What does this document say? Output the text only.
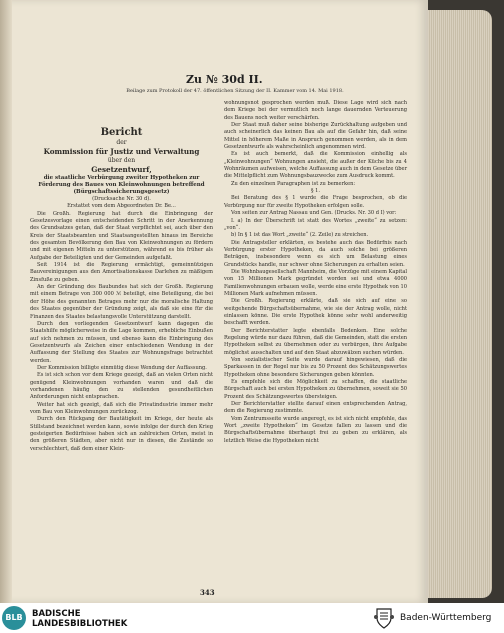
Zu № 30d II.
Beilage zum Protokoll der 47. öffentlichen Sitzung der II. Kammer vom 14. Mai 1918.

Bericht

der

Kommission für Justiz und Verwaltung

über den

Gesetzentwurf,

die staatliche Verbürgung zweiter Hypotheken zur Förderung des Baues von Kleinwohnungen betreffend (Bürgschaftssicherungsgesetz)

(Drucksache Nr. 30 d).

Erstattet vom dem Abgeordneten Dr. Be...

Die Großh. Regierung hat durch die Einbringung der Gesetzesvorlage einen entscheidenden Schritt in der Anerkennung des Grundsatzes getan, daß der Staat verpflichtet sei, auch über den Kreis der Staatsbeamten und Staatsangestellten hinaus im Bereiche des gesamten Bevölkerung den Bau von Kleinwohnungen zu fördern und mit eigenen Mitteln zu unterstützen, während es bis früher als Aufgabe der Beteiligten und der Gemeinden aufgefaßt.

Seit 1914 ist die Regierung ermächtigt, gemeinnützigen Bauvereinigungen aus den Amortisationskasse Darlehen zu mäßigem Zinsfuße zu geben.

An der Gründung des Baubundes hat sich der Großh. Regierung mit einem Betrage von 300 000 ℳ beteiligt, eine Beteiligung, die bei der Höhe des genannten Betrages mehr nur die moralische Haltung des Staates gegenüber der Gründung zeigt, als daß sie eine für die Finanzen des Staates belastungsvolle Unterstützung darstellt.

Durch den vorliegenden Gesetzentwurf kann dagegen die Staatshilfe möglicherweise in die Lage kommen, erhebliche Einbußen auf sich nehmen zu müssen, und ebenso kann die Einbringung des Gesetzentwurfs als Zeichen einer entschiedenen Wendung in der Auffassung der Stellung des Staates zur Wohnungsfrage betrachtet werden.

Der Kommission billigte einmütig diese Wendung der Auffassung.

Es ist sich schon vor dem Kriege gezeigt, daß an vielen Orten nicht genügend Kleinwohnungen vorhanden waren und daß die vorhandenen häufig den zu stellenden gesundheitlichen Anforderungen nicht entsprachen.

Weiter hat sich gezeigt, daß sich die Privatindustrie immer mehr vom Bau von Kleinwohnungen zurückzog.

Durch den Rückgang der Bautätigkeit im Kriege, der heute als Stillstand bezeichnet werden kann, sowie infolge der durch den Krieg gesteigerten Bedürfnisse haben sich an zahlreichen Orten, meist in den größeren Städten, aber nicht nur in diesen, die Zustände so verschlechtert, daß dem einer Klein-

wohnungsnot gesprochen werden muß. Diese Lage wird sich nach dem Kriege bei der vermutlich noch lange dauernden Verteuerung des Bauens noch weiter verschärfen.

Der Staat muß daher seine bisherige Zurückhaltung aufgeben und auch scheinerlich das keinen Bau als auf die Gefahr hin, daß seine Mittel in höherem Maße in Anspruch genommen werden, als in dem Gesetzentwurfe als wahrscheinlich angenommen wird.

Es ist auch bemerkt, daß die Kommission einhellig als „Kleinwohnungen“ Wohnungen ansieht, die außer der Küche bis zu 4 Wohnräumen aufweisen, welche Auffassung auch in dem Gesetze über die Mittelpflicht zum Wohnungsbauzwecke zum Ausdruck kommt.

Zu den einzelnen Paragraphen ist zu bemerken:

§ 1.

Bei Beratung des § 1 wurde die Frage besprochen, ob die Verbürgung nur für zweite Hypotheken erfolgen solle.

Von seiten zur Antrag Nassau und Gen. (Drucks. Nr. 30 d I) vor:

I. a) In der Überschrift ist statt des Wortes „zweite“ zu setzen: „von“.

b) In § 1 ist das Wort „zweite“ (2. Zeile) zu streichen.

Die Antragsteller erklärten, es bestehe auch das Bedürfnis nach Verbürgung erster Hypotheken, da auch solche bei größeren Beträgen, insbesondere wenn es sich um Belastung eines Grundstücks handle, nur schwer ohne Sicherungen zu erhalten seien.

Die Wohnbaugesellschaft Mannheim, die Vorzüge mit einem Kapital von 15 Millionen Mark gegründet worden sei und etwa 4000 Familienwohnungen erbauen wolle, werde eine erste Hypothek von 10 Millionen Mark aufnehmen müssen.

Die Großh. Regierung erklärte, daß sie sich auf eine so weitgehende Bürgschaftsübernahme, wie sie der Antrag wolle, nicht einlassen könne. Die erste Hypothek könne sehr wohl anderweitig beschafft werden.

Der Berichterstatter legte ebenfalls Bedenken. Eine solche Regelung würde nur dazu führen, daß die Gemeinden, statt die ersten Hypotheken selbst zu übernehmen oder zu verbürgen, ihre Aufgabe möglichst ausschalten und auf den Staat abzuwälzen suchen würden.

Von sozialistischer Seite wurde darauf hingewiesen, daß die Sparkassen in der Regel nur bis zu 50 Prozent des Schätzungswertes Hypotheken ohne besondere Sicherungen geben könnten.

Es empfehle sich die Möglichkeit zu schaffen, die staatliche Bürgschaft auch bei ersten Hypotheken zu übernehmen, soweit sie 50 Prozent des Schätzungswertes übersteigen.

Der Berichterstatter stellte darauf einen entsprechenden Antrag, dem die Regierung zustimmte.

Vom Zentrumsseite wurde angeregt, es ist sich nicht empfehle, das Wort „zweite Hypotheken“ im Gesetze fallen zu lassen und die Bürgschaftsübernahme überhaupt frei zu geben zu erklären, als letztlich Weise die Hypotheken nicht

343
BLB	BADISCHE
LANDESBIBLIOTHEK
Baden-Württemberg
